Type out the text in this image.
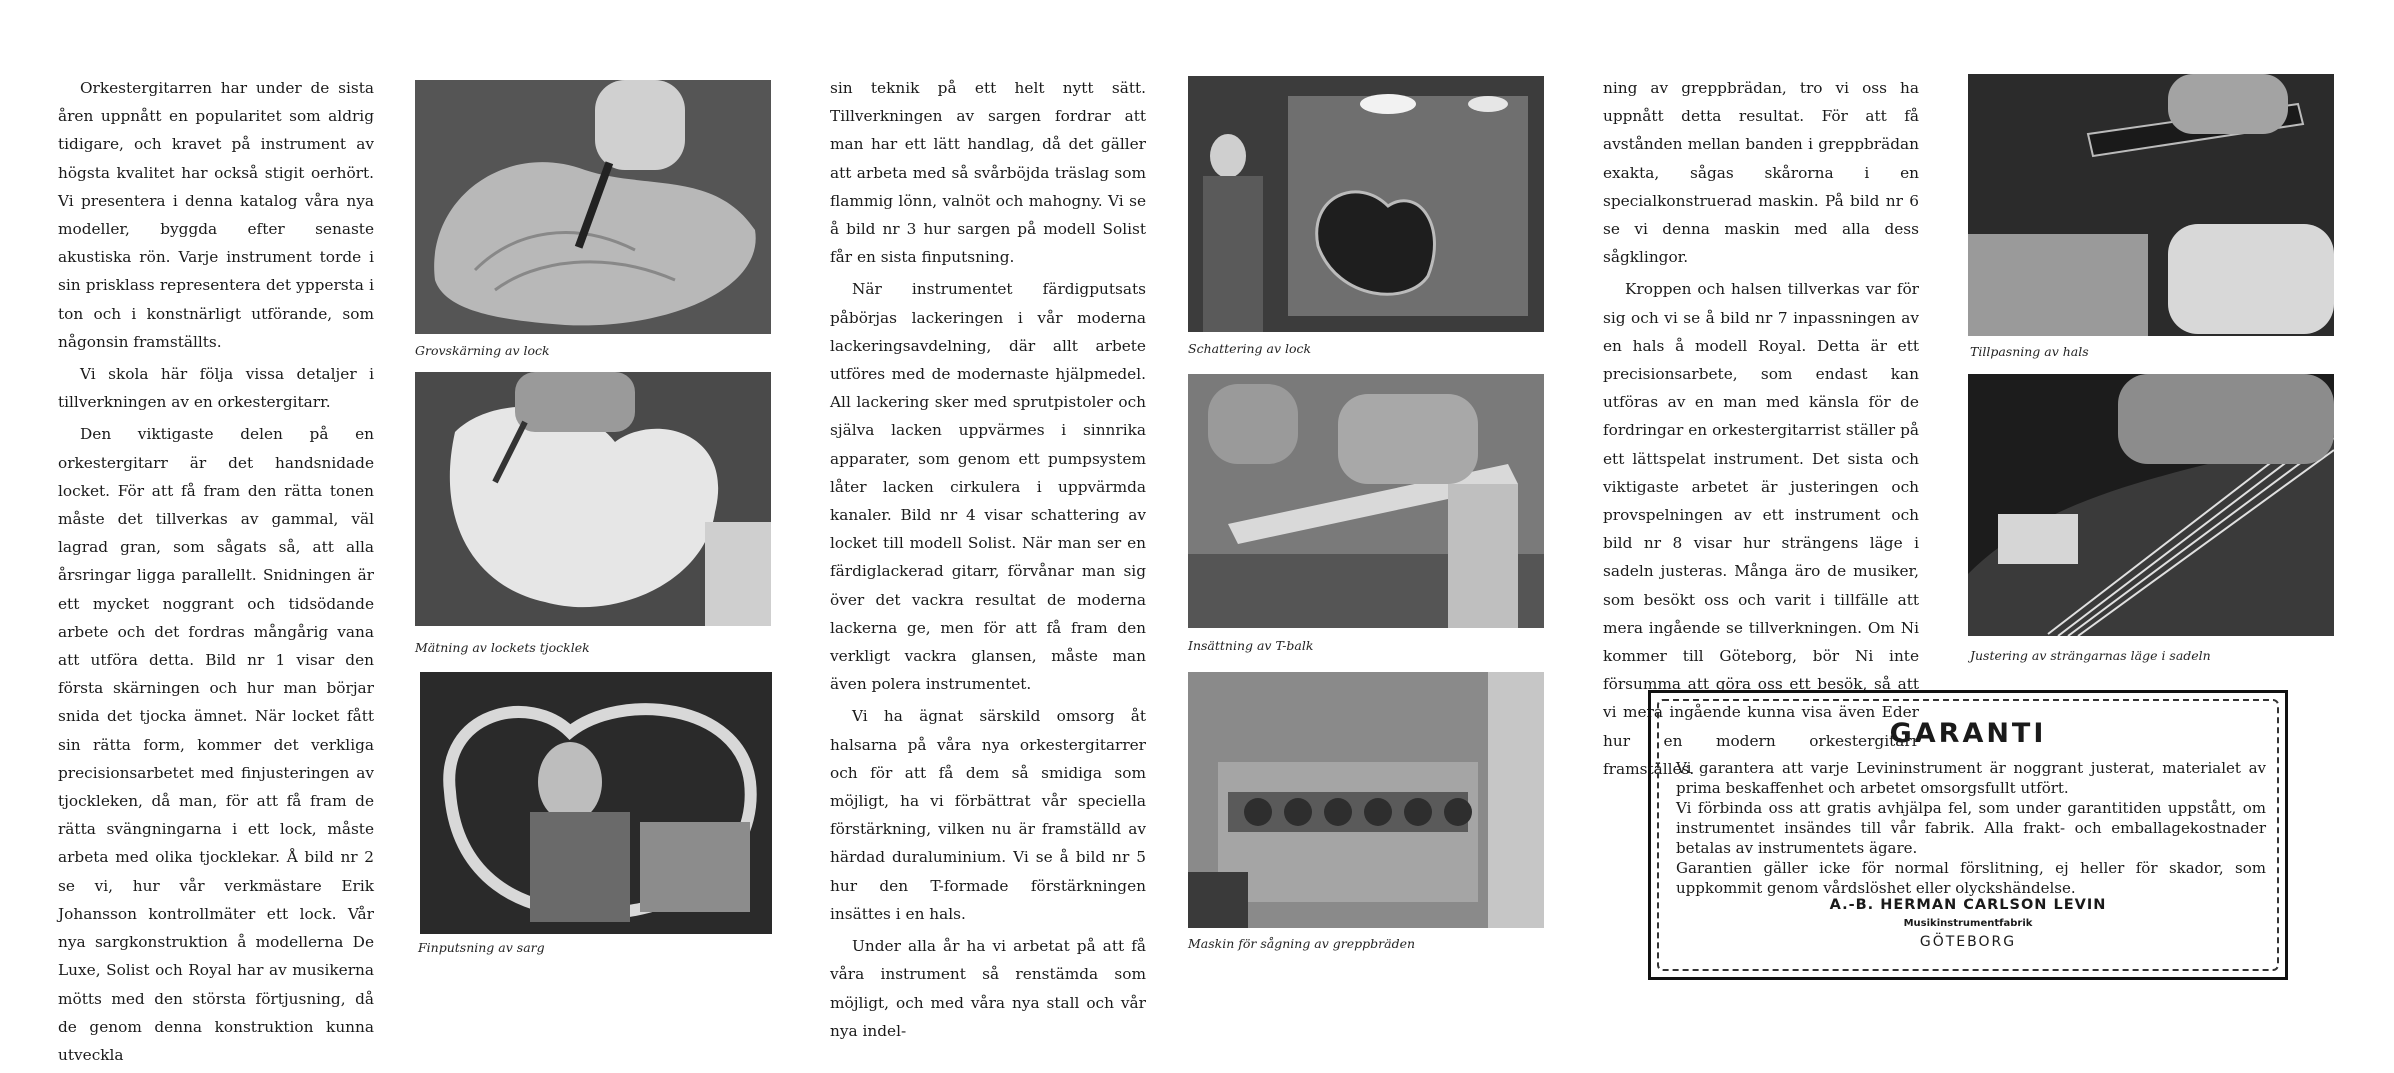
Orkestergitarren har under de sista åren uppnått en popularitet som aldrig tidigare, och kravet på instrument av högsta kvalitet har också stigit oerhört. Vi presentera i denna katalog våra nya modeller, byggda efter senaste akustiska rön. Varje instrument torde i sin prisklass representera det yppersta i ton och i konstnärligt utförande, som någonsin framställts.

Vi skola här följa vissa detaljer i tillverkningen av en orkestergitarr.

Den viktigaste delen på en orkestergitarr är det handsnidade locket. För att få fram den rätta tonen måste det tillverkas av gammal, väl lagrad gran, som sågats så, att alla årsringar ligga parallellt. Snidningen är ett mycket noggrant och tidsödande arbete och det fordras mångårig vana att utföra detta. Bild nr 1 visar den första skärningen och hur man börjar snida det tjocka ämnet. När locket fått sin rätta form, kommer det verkliga precisionsarbetet med finjusteringen av tjockleken, då man, för att få fram de rätta svängningarna i ett lock, måste arbeta med olika tjocklekar. Å bild nr 2 se vi, hur vår verkmästare Erik Johansson kontrollmäter ett lock. Vår nya sargkonstruktion å modellerna De Luxe, Solist och Royal har av musikerna mötts med den största förtjusning, då de genom denna konstruktion kunna utveckla

sin teknik på ett helt nytt sätt. Tillverkningen av sargen fordrar att man har ett lätt handlag, då det gäller att arbeta med så svårböjda träslag som flammig lönn, valnöt och mahogny. Vi se å bild nr 3 hur sargen på modell Solist får en sista finputsning.

När instrumentet färdigputsats påbörjas lackeringen i vår moderna lackeringsavdelning, där allt arbete utföres med de modernaste hjälpmedel. All lackering sker med sprutpistoler och själva lacken uppvärmes i sinnrika apparater, som genom ett pumpsystem låter lacken cirkulera i uppvärmda kanaler. Bild nr 4 visar schattering av locket till modell Solist. När man ser en färdiglackerad gitarr, förvånar man sig över det vackra resultat de moderna lackerna ge, men för att få fram den verkligt vackra glansen, måste man även polera instrumentet.

Vi ha ägnat särskild omsorg åt halsarna på våra nya orkestergitarrer och för att få dem så smidiga som möjligt, ha vi förbättrat vår speciella förstärkning, vilken nu är framställd av härdad duraluminium. Vi se å bild nr 5 hur den T-formade förstärkningen insättes i en hals.

Under alla år ha vi arbetat på att få våra instrument så renstämda som möjligt, och med våra nya stall och vår nya indel-

ning av greppbrädan, tro vi oss ha uppnått detta resultat. För att få avstånden mellan banden i greppbrädan exakta, sågas skårorna i en specialkonstruerad maskin. På bild nr 6 se vi denna maskin med alla dess sågklingor.

Kroppen och halsen tillverkas var för sig och vi se å bild nr 7 inpassningen av en hals å modell Royal. Detta är ett precisionsarbete, som endast kan utföras av en man med känsla för de fordringar en orkestergitarrist ställer på ett lättspelat instrument. Det sista och viktigaste arbetet är justeringen och provspelningen av ett instrument och bild nr 8 visar hur strängens läge i sadeln justeras. Många äro de musiker, som besökt oss och varit i tillfälle att mera ingående se tillverkningen. Om Ni kommer till Göteborg, bör Ni inte försumma att göra oss ett besök, så att vi mera ingående kunna visa även Eder hur en modern orkestergitarr framställes.

Grovskärning av lock
Mätning av lockets tjocklek
Finputsning av sarg
Schattering av lock
Insättning av T-balk
Maskin för sågning av greppbräden
Tillpasning av hals
Justering av strängarnas läge i sadeln
GARANTI

Vi garantera att varje Levininstrument är noggrant justerat, materialet av prima beskaffenhet och arbetet omsorgsfullt utfört.

Vi förbinda oss att gratis avhjälpa fel, som under garantitiden uppstått, om instrumentet insändes till vår fabrik. Alla frakt- och emballagekostnader betalas av instrumentets ägare.

Garantien gäller icke för normal förslitning, ej heller för skador, som uppkommit genom vårdslöshet eller olyckshändelse.

A.-B. HERMAN CARLSON LEVIN
Musikinstrumentfabrik
GÖTEBORG
